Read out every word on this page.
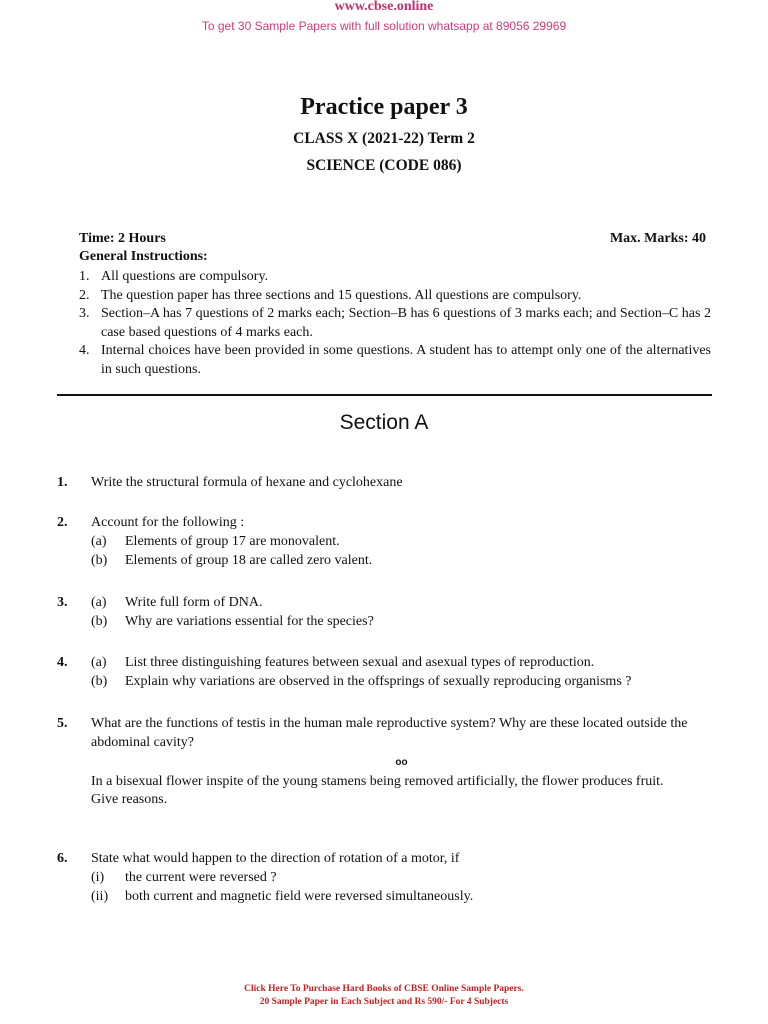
www.cbse.online
To get 30 Sample Papers with full solution whatsapp at 89056 29969
Practice paper 3
CLASS X (2021-22) Term 2
SCIENCE (CODE 086)
Time: 2 Hours	Max. Marks: 40
General Instructions:
1. All questions are compulsory.
2. The question paper has three sections and 15 questions. All questions are compulsory.
3. Section–A has 7 questions of 2 marks each; Section–B has 6 questions of 3 marks each; and Section–C has 2 case based questions of 4 marks each.
4. Internal choices have been provided in some questions. A student has to attempt only one of the alternatives in such questions.
Section A
1.	Write the structural formula of hexane and cyclohexane
2.	Account for the following :
(a)	Elements of group 17 are monovalent.
(b)	Elements of group 18 are called zero valent.
3.	(a)	Write full form of DNA.
(b)	Why are variations essential for the species?
4.	(a)	List three distinguishing features between sexual and asexual types of reproduction.
(b)	Explain why variations are observed in the offsprings of sexually reproducing organisms ?
5.	What are the functions of testis in the human male reproductive system? Why are these located outside the abdominal cavity?
oo
In a bisexual flower inspite of the young stamens being removed artificially, the flower produces fruit.
Give reasons.
6.	State what would happen to the direction of rotation of a motor, if
(i)	the current were reversed ?
(ii)	both current and magnetic field were reversed simultaneously.
Click Here To Purchase Hard Books of CBSE Online Sample Papers.
20 Sample Paper in Each Subject and Rs 590/- For 4 Subjects
